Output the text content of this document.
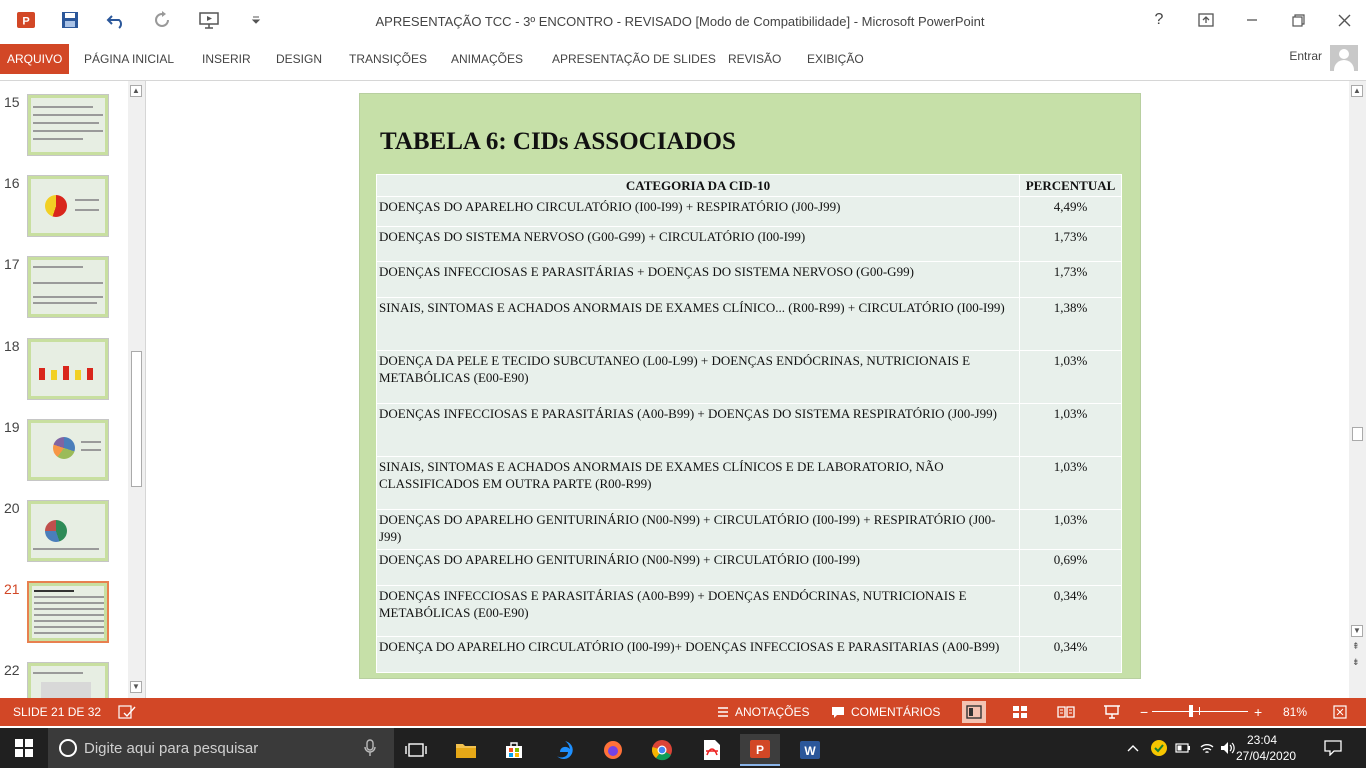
P	APRESENTAÇÃO TCC - 3º ENCONTRO - REVISADO [Modo de Compatibilidade] - Microsoft PowerPoint	?
ARQUIVO	PÁGINA INICIAL INSERIR DESIGN TRANSIÇÕES ANIMAÇÕES APRESENTAÇÃO DE SLIDES REVISÃO EXIBIÇÃO	Entrar
15
16
17
18
19
20
21
22
▲
▼
TABELA 6: CIDs ASSOCIADOS
CATEGORIA DA CID-10	PERCENTUAL
DOENÇAS DO APARELHO CIRCULATÓRIO (I00-I99) + RESPIRATÓRIO (J00-J99)	4,49%
DOENÇAS DO SISTEMA NERVOSO (G00-G99) + CIRCULATÓRIO (I00-I99)	1,73%
DOENÇAS INFECCIOSAS E PARASITÁRIAS + DOENÇAS DO SISTEMA NERVOSO (G00-G99)	1,73%
SINAIS, SINTOMAS E ACHADOS ANORMAIS DE EXAMES CLÍNICO... (R00-R99) + CIRCULATÓRIO (I00-I99)	1,38%
DOENÇA DA PELE E TECIDO SUBCUTANEO (L00-L99) + DOENÇAS ENDÓCRINAS, NUTRICIONAIS E METABÓLICAS (E00-E90)	1,03%
DOENÇAS INFECCIOSAS E PARASITÁRIAS (A00-B99) + DOENÇAS DO SISTEMA RESPIRATÓRIO (J00-J99)	1,03%
SINAIS, SINTOMAS E ACHADOS ANORMAIS DE EXAMES CLÍNICOS E DE LABORATORIO, NÃO CLASSIFICADOS EM OUTRA PARTE (R00-R99)	1,03%
DOENÇAS DO APARELHO GENITURINÁRIO (N00-N99) + CIRCULATÓRIO (I00-I99) + RESPIRATÓRIO (J00-J99)	1,03%
DOENÇAS DO APARELHO GENITURINÁRIO (N00-N99) + CIRCULATÓRIO (I00-I99)	0,69%
DOENÇAS INFECCIOSAS E PARASITÁRIAS (A00-B99) + DOENÇAS ENDÓCRINAS, NUTRICIONAIS E METABÓLICAS (E00-E90)	0,34%
DOENÇA DO APARELHO CIRCULATÓRIO (I00-I99)+ DOENÇAS INFECCIOSAS E PARASITARIAS (A00-B99)	0,34%
▲
▼
⇞
⇟
SLIDE 21 DE 32	ANOTAÇÕES	COMENTÁRIOS	−	+ 81%
Digite aqui para pesquisar	P	W
23:04
27/04/2020
